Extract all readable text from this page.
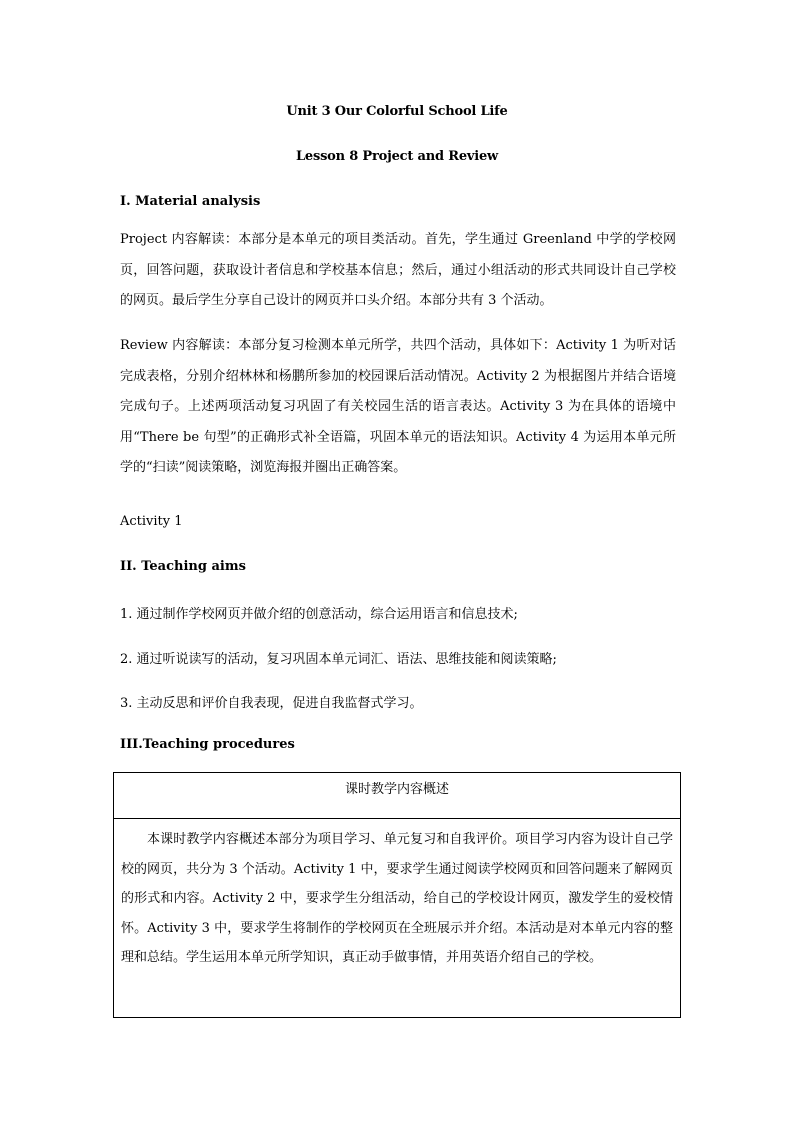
Unit 3 Our Colorful School Life
Lesson 8 Project and Review
I. Material analysis
Project 内容解读：本部分是本单元的项目类活动。首先，学生通过 Greenland 中学的学校网页，回答问题，获取设计者信息和学校基本信息；然后，通过小组活动的形式共同设计自己学校的网页。最后学生分享自己设计的网页并口头介绍。本部分共有 3 个活动。
Review 内容解读：本部分复习检测本单元所学，共四个活动，具体如下：Activity 1 为听对话完成表格，分别介绍林林和杨鹏所参加的校园课后活动情况。Activity 2 为根据图片并结合语境完成句子。上述两项活动复习巩固了有关校园生活的语言表达。Activity 3 为在具体的语境中用“There be 句型”的正确形式补全语篇，巩固本单元的语法知识。Activity 4 为运用本单元所学的“扫读”阅读策略，浏览海报并圈出正确答案。
Activity 1
II. Teaching aims
1. 通过制作学校网页并做介绍的创意活动，综合运用语言和信息技术;
2. 通过听说读写的活动，复习巩固本单元词汇、语法、思维技能和阅读策略;
3. 主动反思和评价自我表现，促进自我监督式学习。
III.Teaching procedures
课时教学内容概述
本课时教学内容概述本部分为项目学习、单元复习和自我评价。项目学习内容为设计自己学校的网页，共分为 3 个活动。Activity 1 中，要求学生通过阅读学校网页和回答问题来了解网页的形式和内容。Activity 2 中，要求学生分组活动，给自己的学校设计网页，激发学生的爱校情怀。Activity 3 中，要求学生将制作的学校网页在全班展示并介绍。本活动是对本单元内容的整理和总结。学生运用本单元所学知识，真正动手做事情，并用英语介绍自己的学校。
